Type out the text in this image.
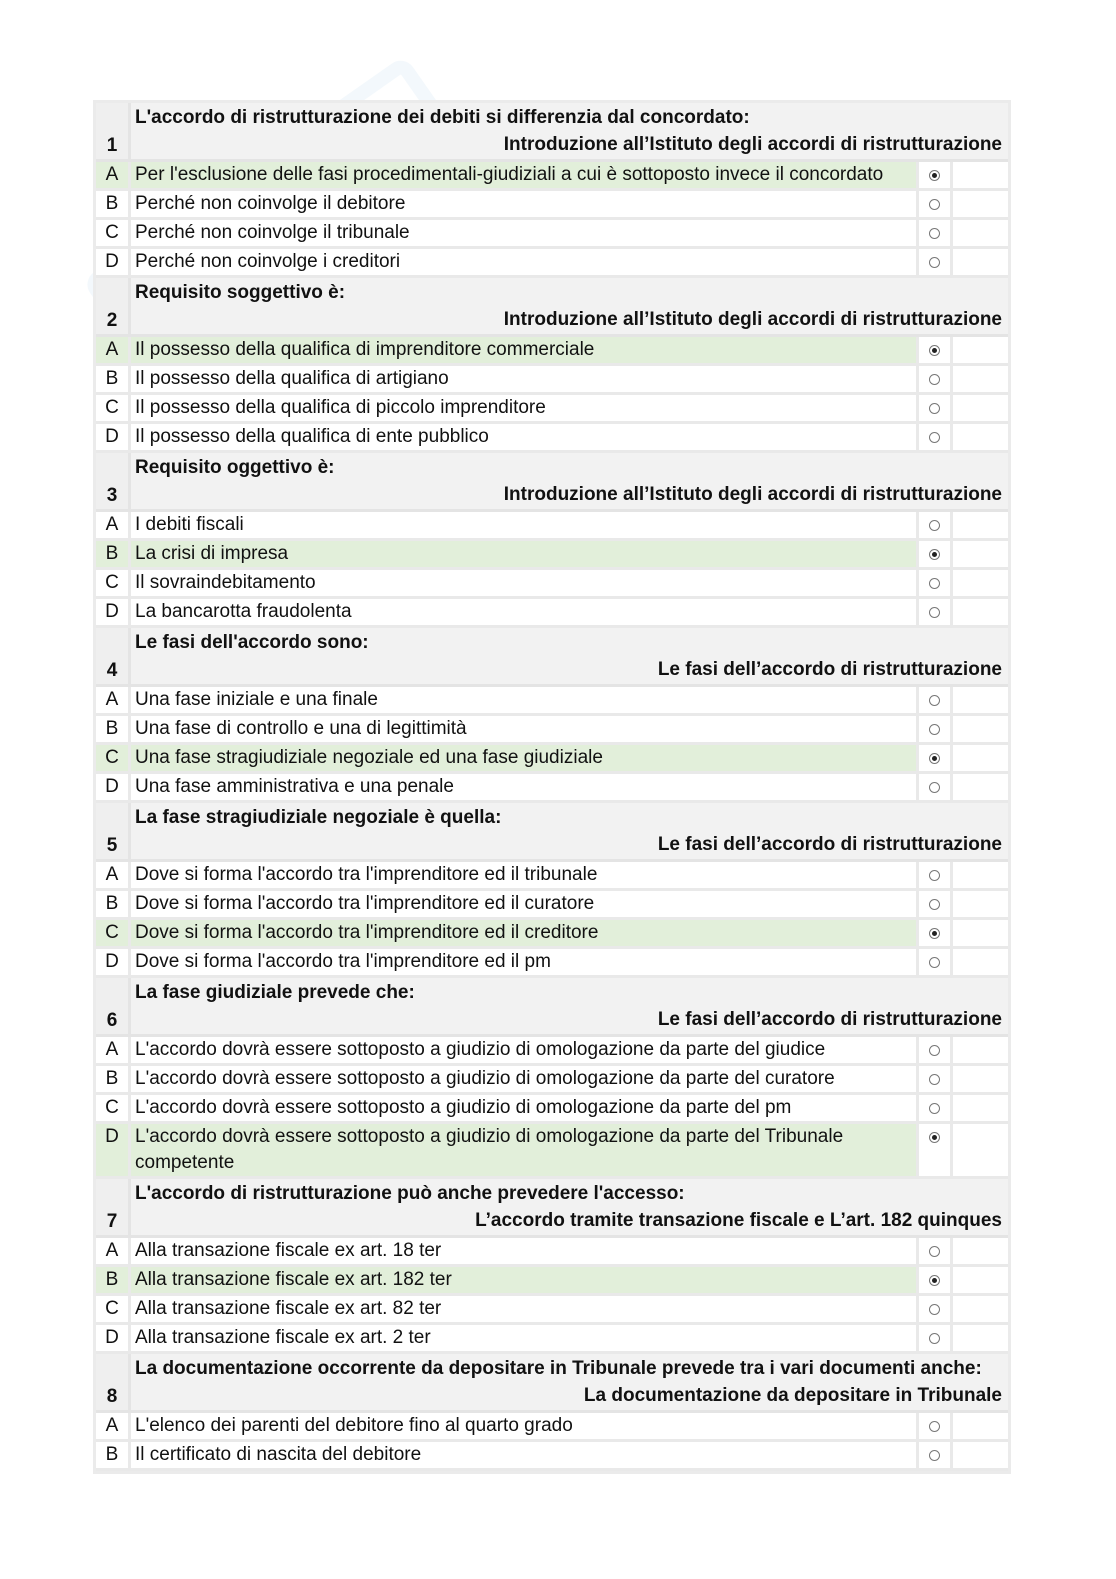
1
L'accordo di ristrutturazione dei debiti si differenzia dal concordato:
Introduzione all’Istituto degli accordi di ristrutturazione
A Per l'esclusione delle fasi procedimentali-giudiziali a cui è sottoposto invece il concordato
B Perché non coinvolge il debitore
C Perché non coinvolge il tribunale
D Perché non coinvolge i creditori
2
Requisito soggettivo è:
Introduzione all’Istituto degli accordi di ristrutturazione
A Il possesso della qualifica di imprenditore commerciale
B Il possesso della qualifica di artigiano
C Il possesso della qualifica di piccolo imprenditore
D Il possesso della qualifica di ente pubblico
3
Requisito oggettivo è:
Introduzione all’Istituto degli accordi di ristrutturazione
A I debiti fiscali
B La crisi di impresa
C Il sovraindebitamento
D La bancarotta fraudolenta
4
Le fasi dell'accordo sono:
Le fasi dell’accordo di ristrutturazione
A Una fase iniziale e una finale
B Una fase di controllo e una di legittimità
C Una fase stragiudiziale negoziale ed una fase giudiziale
D Una fase amministrativa e una penale
5
La fase stragiudiziale negoziale è quella:
Le fasi dell’accordo di ristrutturazione
A Dove si forma l'accordo tra l'imprenditore ed il tribunale
B Dove si forma l'accordo tra l'imprenditore ed il curatore
C Dove si forma l'accordo tra l'imprenditore ed il creditore
D Dove si forma l'accordo tra l'imprenditore ed il pm
6
La fase giudiziale prevede che:
Le fasi dell’accordo di ristrutturazione
A L'accordo dovrà essere sottoposto a giudizio di omologazione da parte del giudice
B L'accordo dovrà essere sottoposto a giudizio di omologazione da parte del curatore
C L'accordo dovrà essere sottoposto a giudizio di omologazione da parte del pm
D L'accordo dovrà essere sottoposto a giudizio di omologazione da parte del Tribunale competente
7
L'accordo di ristrutturazione può anche prevedere l'accesso:
L’accordo tramite transazione fiscale e L’art. 182 quinques
A Alla transazione fiscale ex art. 18 ter
B Alla transazione fiscale ex art. 182 ter
C Alla transazione fiscale ex art. 82 ter
D Alla transazione fiscale ex art. 2 ter
8
La documentazione occorrente da depositare in Tribunale prevede tra i vari documenti anche:
La documentazione da depositare in Tribunale
A L'elenco dei parenti del debitore fino al quarto grado
B Il certificato di nascita del debitore
